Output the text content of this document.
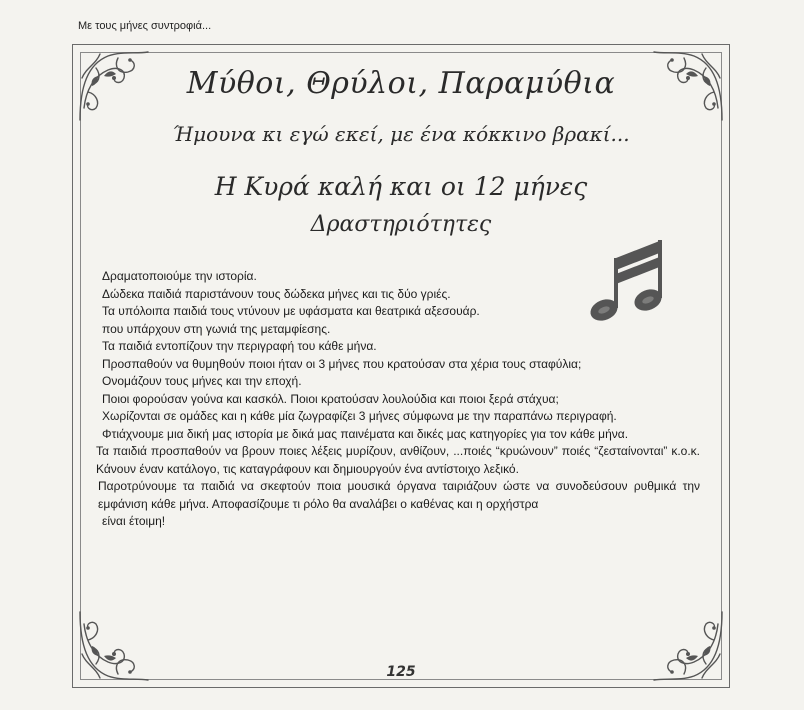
Με τους μήνες συντροφιά...
Μύθοι, Θρύλοι, Παραμύθια
Ήμουνα κι εγώ εκεί, με ένα κόκκινο βρακί...
Η Κυρά καλή και οι 12 μήνες
Δραστηριότητες

Δραματοποιούμε την ιστορία.

Δώδεκα παιδιά παριστάνουν τους δώδεκα μήνες και τις δύο γριές.

Τα υπόλοιπα παιδιά τους ντύνουν με υφάσματα και θεατρικά αξεσουάρ.

που υπάρχουν στη γωνιά της μεταμφίεσης.

Τα παιδιά εντοπίζουν την περιγραφή του κάθε μήνα.

Προσπαθούν να θυμηθούν ποιοι ήταν οι 3 μήνες που κρατούσαν στα χέρια τους σταφύλια;

Ονομάζουν τους μήνες και την εποχή.

Ποιοι φορούσαν γούνα και κασκόλ. Ποιοι κρατούσαν λουλούδια και ποιοι ξερά στάχυα;

Χωρίζονται σε ομάδες και η κάθε μία ζωγραφίζει 3 μήνες σύμφωνα με την παραπάνω περιγραφή.

Φτιάχνουμε μια δική μας ιστορία με δικά μας παινέματα και δικές μας κατηγορίες για τον κάθε μήνα.

Τα παιδιά προσπαθούν να βρουν ποιες λέξεις μυρίζουν, ανθίζουν, ...ποιές “κρυώνουν” ποιές “ζεσταίνονται” κ.ο.κ. Κάνουν έναν κατάλογο, τις καταγράφουν και δημιουργούν ένα αντίστοιχο λεξικό.

Παροτρύνουμε τα παιδιά να σκεφτούν ποια μουσικά όργανα ταιριάζουν ώστε να συνοδεύσουν ρυθμικά την εμφάνιση κάθε μήνα. Αποφασίζουμε τι ρόλο θα αναλάβει ο καθένας και η ορχήστρα

είναι έτοιμη!

125
